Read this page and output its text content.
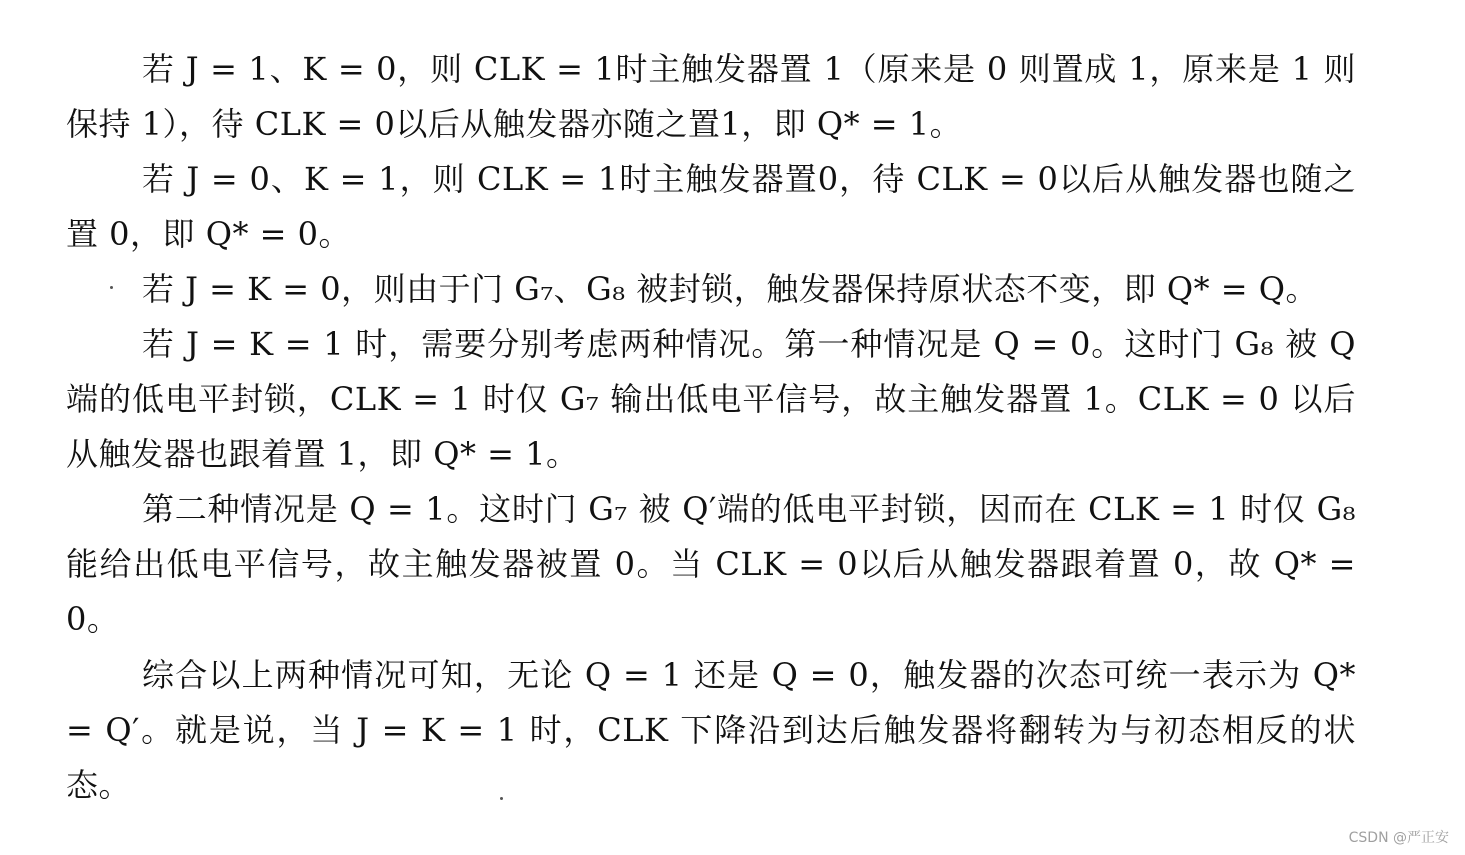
若 J = 1、K = 0，则 CLK = 1时主触发器置 1（原来是 0 则置成 1，原来是 1 则保持 1），待 CLK = 0以后从触发器亦随之置1，即 Q* = 1。

若 J = 0、K = 1，则 CLK = 1时主触发器置0，待 CLK = 0以后从触发器也随之置 0，即 Q* = 0。

若 J = K = 0，则由于门 G₇、G₈ 被封锁，触发器保持原状态不变，即 Q* = Q。

若 J = K = 1 时，需要分别考虑两种情况。第一种情况是 Q = 0。这时门 G₈ 被 Q 端的低电平封锁，CLK = 1 时仅 G₇ 输出低电平信号，故主触发器置 1。CLK = 0 以后从触发器也跟着置 1，即 Q* = 1。

第二种情况是 Q = 1。这时门 G₇ 被 Q′端的低电平封锁，因而在 CLK = 1 时仅 G₈ 能给出低电平信号，故主触发器被置 0。当 CLK = 0以后从触发器跟着置 0，故 Q* = 0。

综合以上两种情况可知，无论 Q = 1 还是 Q = 0，触发器的次态可统一表示为 Q* = Q′。就是说，当 J = K = 1 时，CLK 下降沿到达后触发器将翻转为与初态相反的状态。

CSDN @严正安
